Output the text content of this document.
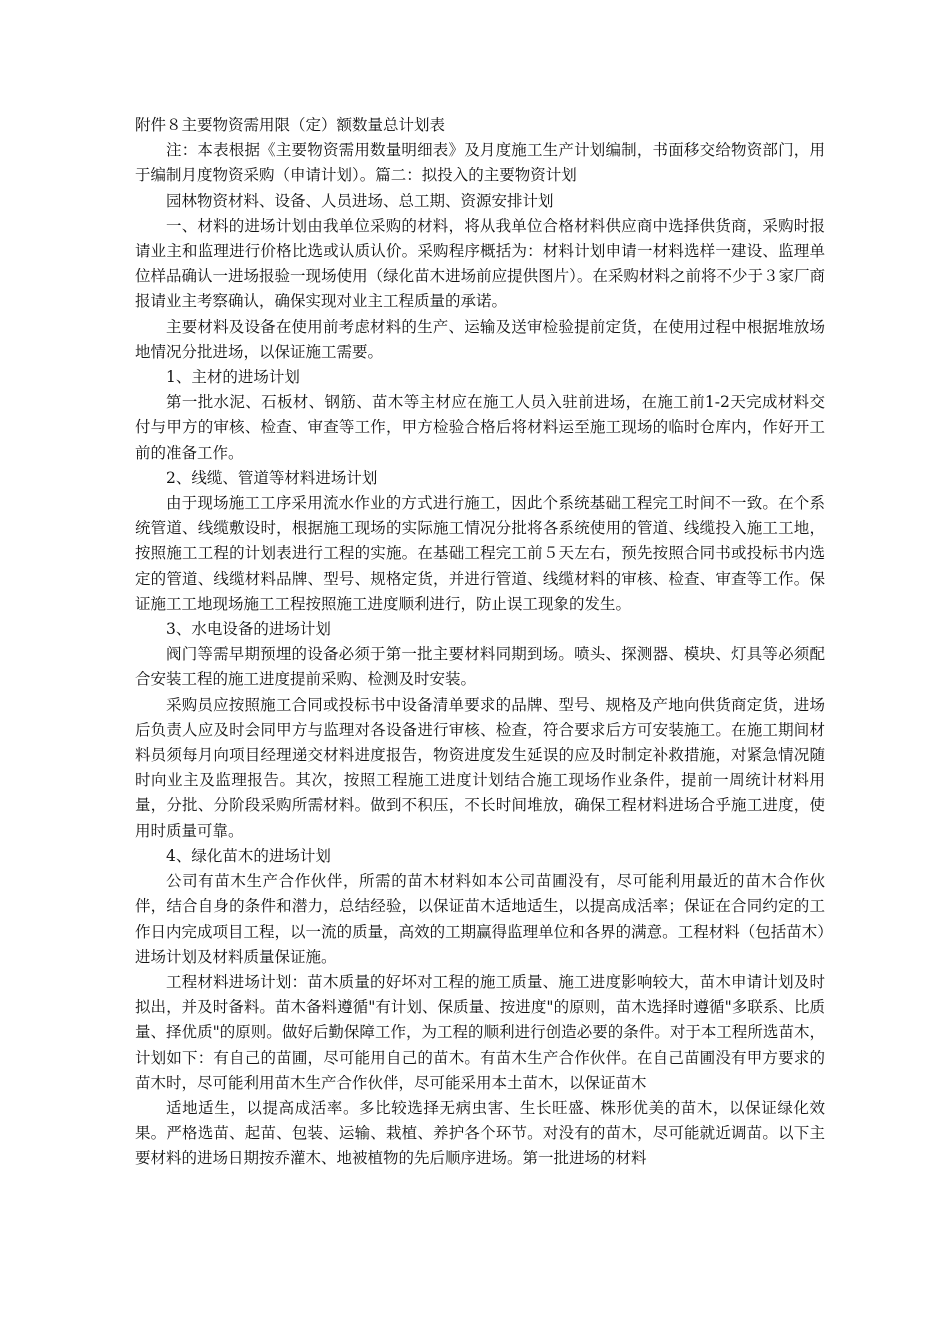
附件８主要物资需用限（定）额数量总计划表

注：本表根据《主要物资需用数量明细表》及月度施工生产计划编制，书面移交给物资部门，用于编制月度物资采购（申请计划）。篇二：拟投入的主要物资计划

园林物资材料、设备、人员进场、总工期、资源安排计划

一、材料的进场计划由我单位采购的材料，将从我单位合格材料供应商中选择供货商，采购时报请业主和监理进行价格比选或认质认价。采购程序概括为：材料计划申请一材料选样一建设、监理单位样品确认一进场报验一现场使用（绿化苗木进场前应提供图片）。在采购材料之前将不少于３家厂商报请业主考察确认，确保实现对业主工程质量的承诺。

主要材料及设备在使用前考虑材料的生产、运输及送审检验提前定货，在使用过程中根据堆放场地情况分批进场，以保证施工需要。

1、主材的进场计划

第一批水泥、石板材、钢筋、苗木等主材应在施工人员入驻前进场，在施工前1-2天完成材料交付与甲方的审核、检查、审查等工作，甲方检验合格后将材料运至施工现场的临时仓库内，作好开工前的准备工作。

2、线缆、管道等材料进场计划

由于现场施工工序采用流水作业的方式进行施工，因此个系统基础工程完工时间不一致。在个系统管道、线缆敷设时，根据施工现场的实际施工情况分批将各系统使用的管道、线缆投入施工工地，按照施工工程的计划表进行工程的实施。在基础工程完工前５天左右，预先按照合同书或投标书内选定的管道、线缆材料品牌、型号、规格定货，并进行管道、线缆材料的审核、检查、审查等工作。保证施工工地现场施工工程按照施工进度顺利进行，防止误工现象的发生。

3、水电设备的进场计划

阀门等需早期预埋的设备必须于第一批主要材料同期到场。喷头、探测器、模块、灯具等必须配合安装工程的施工进度提前采购、检测及时安装。

采购员应按照施工合同或投标书中设备清单要求的品牌、型号、规格及产地向供货商定货，进场后负责人应及时会同甲方与监理对各设备进行审核、检查，符合要求后方可安装施工。在施工期间材料员须每月向项目经理递交材料进度报告，物资进度发生延误的应及时制定补救措施，对紧急情况随时向业主及监理报告。其次，按照工程施工进度计划结合施工现场作业条件，提前一周统计材料用量，分批、分阶段采购所需材料。做到不积压，不长时间堆放，确保工程材料进场合乎施工进度，使用时质量可靠。

4、绿化苗木的进场计划

公司有苗木生产合作伙伴，所需的苗木材料如本公司苗圃没有，尽可能利用最近的苗木合作伙伴，结合自身的条件和潜力，总结经验，以保证苗木适地适生，以提高成活率；保证在合同约定的工作日内完成项目工程，以一流的质量，高效的工期赢得监理单位和各界的满意。工程材料（包括苗木）进场计划及材料质量保证施。

工程材料进场计划：苗木质量的好坏对工程的施工质量、施工进度影响较大，苗木申请计划及时拟出，并及时备料。苗木备料遵循"有计划、保质量、按进度"的原则，苗木选择时遵循"多联系、比质量、择优质"的原则。做好后勤保障工作，为工程的顺利进行创造必要的条件。对于本工程所选苗木，计划如下：有自己的苗圃，尽可能用自己的苗木。有苗木生产合作伙伴。在自己苗圃没有甲方要求的苗木时，尽可能利用苗木生产合作伙伴，尽可能采用本土苗木，以保证苗木

适地适生，以提高成活率。多比较选择无病虫害、生长旺盛、株形优美的苗木，以保证绿化效果。严格选苗、起苗、包装、运输、栽植、养护各个环节。对没有的苗木，尽可能就近调苗。以下主要材料的进场日期按乔灌木、地被植物的先后顺序进场。第一批进场的材料
